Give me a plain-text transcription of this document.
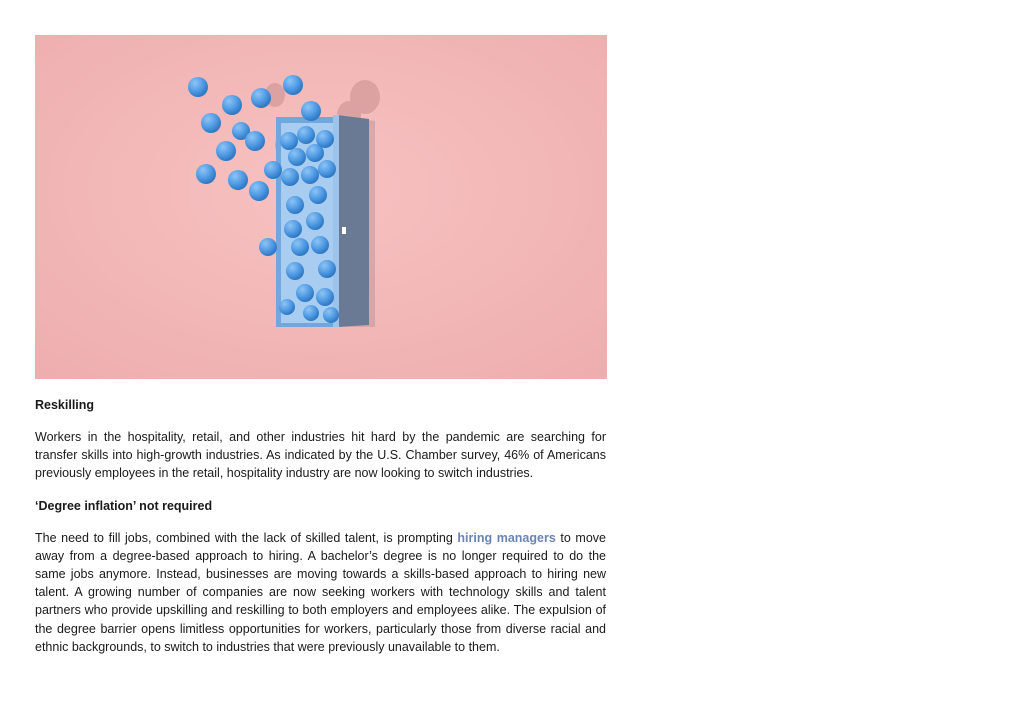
Reskilling

Workers in the hospitality, retail, and other industries hit hard by the pandemic are searching for transfer skills into high-growth industries. As indicated by the U.S. Chamber survey, 46% of Americans previously employees in the retail, hospitality industry are now looking to switch industries.

‘Degree inflation’ not required

The need to fill jobs, combined with the lack of skilled talent, is prompting hiring managers to move away from a degree-based approach to hiring. A bachelor’s degree is no longer required to do the same jobs anymore. Instead, businesses are moving towards a skills-based approach to hiring new talent. A growing number of companies are now seeking workers with technology skills and talent partners who provide upskilling and reskilling to both employers and employees alike. The expulsion of the degree barrier opens limitless opportunities for workers, particularly those from diverse racial and ethnic backgrounds, to switch to industries that were previously unavailable to them.
